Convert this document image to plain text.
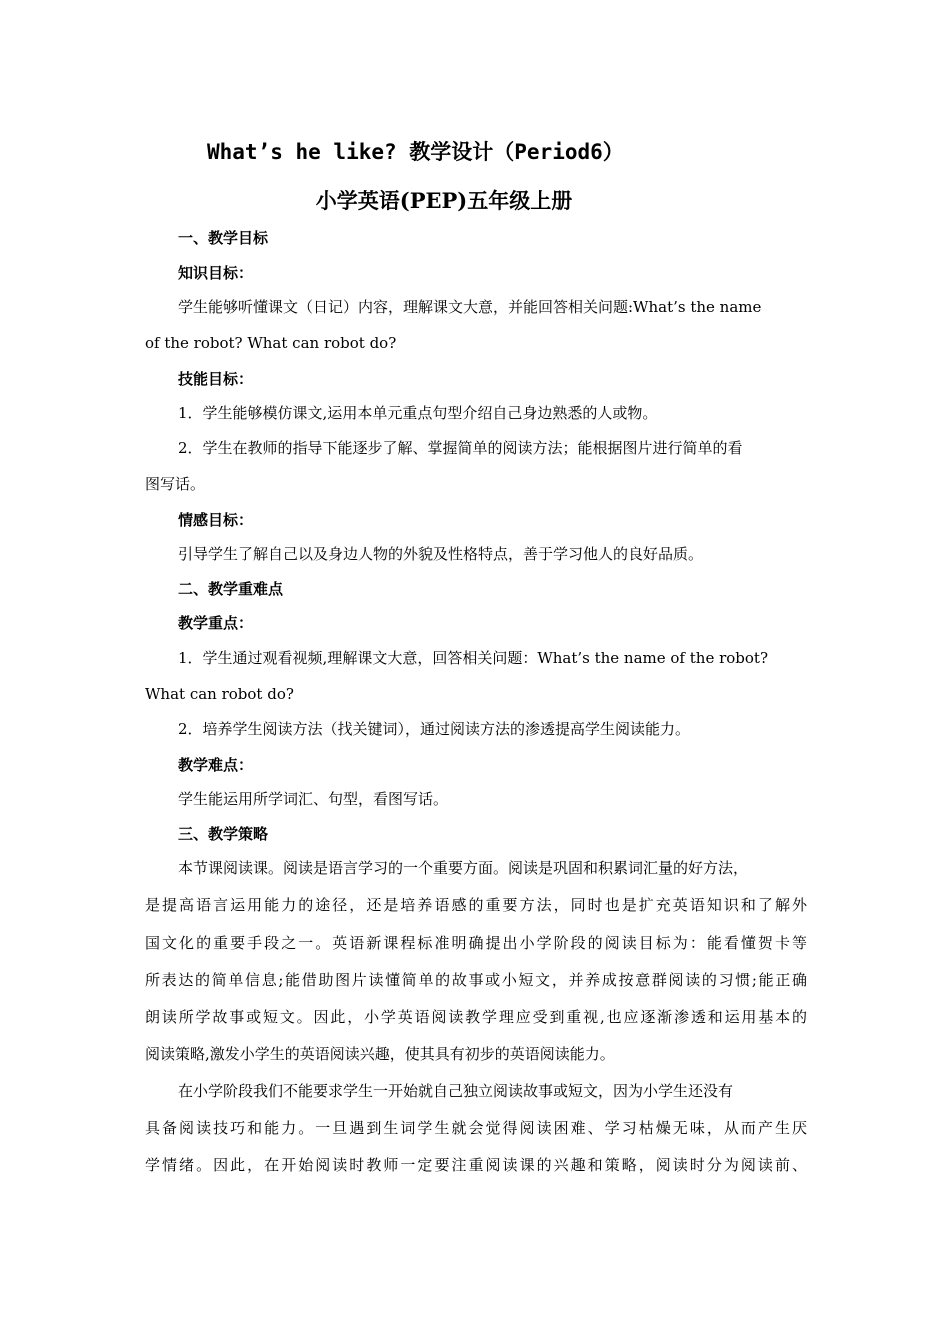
What’s he like? 教学设计（Period6）
小学英语(PEP)五年级上册
一、教学目标
知识目标：
学生能够听懂课文（日记）内容，理解课文大意，并能回答相关问题:What’s the name
of the robot? What can robot do?
技能目标：
1．学生能够模仿课文,运用本单元重点句型介绍自己身边熟悉的人或物。
2．学生在教师的指导下能逐步了解、掌握简单的阅读方法；能根据图片进行简单的看
图写话。
情感目标：
引导学生了解自己以及身边人物的外貌及性格特点，善于学习他人的良好品质。
二、教学重难点
教学重点：
1．学生通过观看视频,理解课文大意，回答相关问题：What’s the name of the robot?
What can robot do?
2．培养学生阅读方法（找关键词），通过阅读方法的渗透提高学生阅读能力。
教学难点：
学生能运用所学词汇、句型，看图写话。
三、教学策略
本节课阅读课。阅读是语言学习的一个重要方面。阅读是巩固和积累词汇量的好方法，
是提高语言运用能力的途径，还是培养语感的重要方法，同时也是扩充英语知识和了解外
国文化的重要手段之一。英语新课程标准明确提出小学阶段的阅读目标为：能看懂贺卡等
所表达的简单信息;能借助图片读懂简单的故事或小短文，并养成按意群阅读的习惯;能正确
朗读所学故事或短文。因此，小学英语阅读教学理应受到重视,也应逐渐渗透和运用基本的
阅读策略,激发小学生的英语阅读兴趣，使其具有初步的英语阅读能力。
在小学阶段我们不能要求学生一开始就自己独立阅读故事或短文，因为小学生还没有
具备阅读技巧和能力。一旦遇到生词学生就会觉得阅读困难、学习枯燥无味，从而产生厌
学情绪。因此，在开始阅读时教师一定要注重阅读课的兴趣和策略，阅读时分为阅读前、
